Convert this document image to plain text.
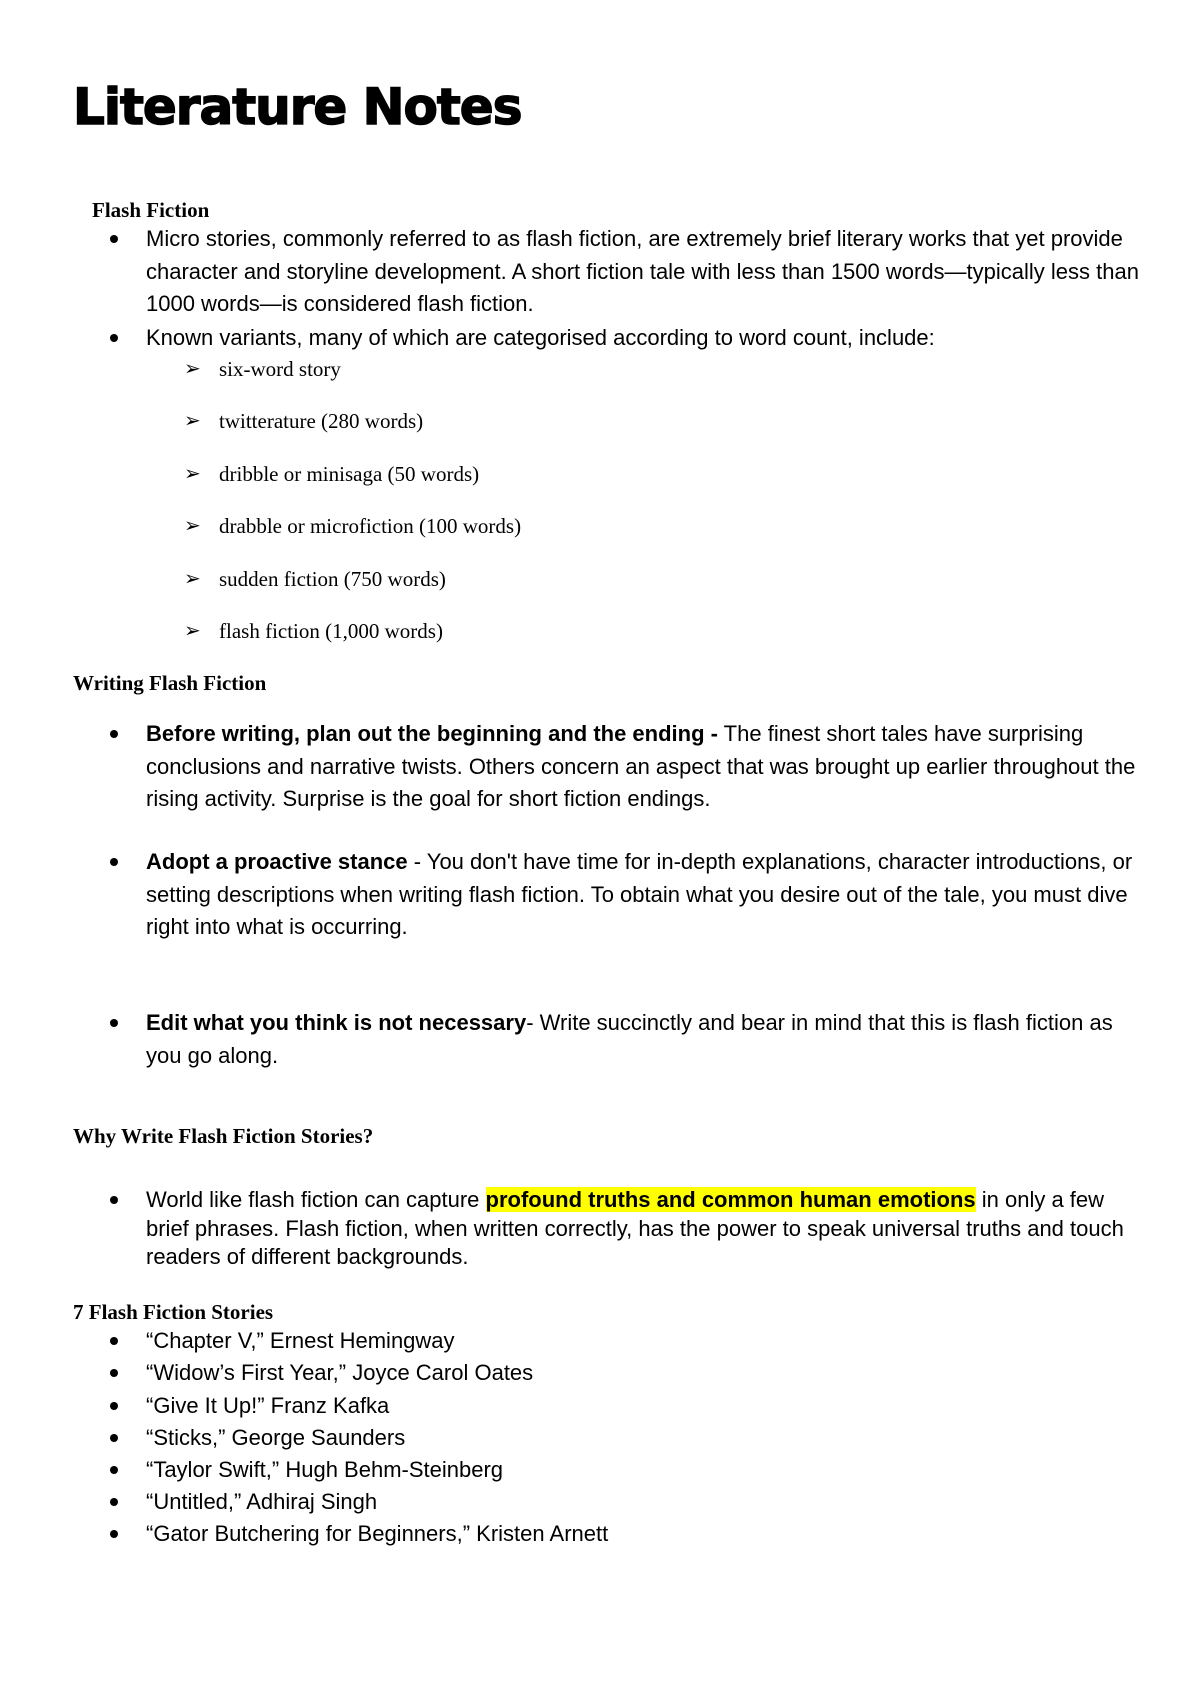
Literature Notes
Flash Fiction

Micro stories, commonly referred to as flash fiction, are extremely brief literary works that yet provide character and storyline development. A short fiction tale with less than 1500 words—typically less than 1000 words—is considered flash fiction.

Known variants, many of which are categorised according to word count, include:

➢ six-word story

➢ twitterature (280 words)

➢ dribble or minisaga (50 words)

➢ drabble or microfiction (100 words)

➢ sudden fiction (750 words)

➢ flash fiction (1,000 words)

Writing Flash Fiction

Before writing, plan out the beginning and the ending - The finest short tales have surprising conclusions and narrative twists. Others concern an aspect that was brought up earlier throughout the rising activity. Surprise is the goal for short fiction endings.

Adopt a proactive stance - You don't have time for in-depth explanations, character introductions, or setting descriptions when writing flash fiction. To obtain what you desire out of the tale, you must dive right into what is occurring.

Edit what you think is not necessary- Write succinctly and bear in mind that this is flash fiction as you go along.

Why Write Flash Fiction Stories?

World like flash fiction can capture profound truths and common human emotions in only a few brief phrases. Flash fiction, when written correctly, has the power to speak universal truths and touch readers of different backgrounds.

7 Flash Fiction Stories

“Chapter V,” Ernest Hemingway

“Widow’s First Year,” Joyce Carol Oates

“Give It Up!” Franz Kafka

“Sticks,” George Saunders

“Taylor Swift,” Hugh Behm-Steinberg

“Untitled,” Adhiraj Singh

“Gator Butchering for Beginners,” Kristen Arnett
